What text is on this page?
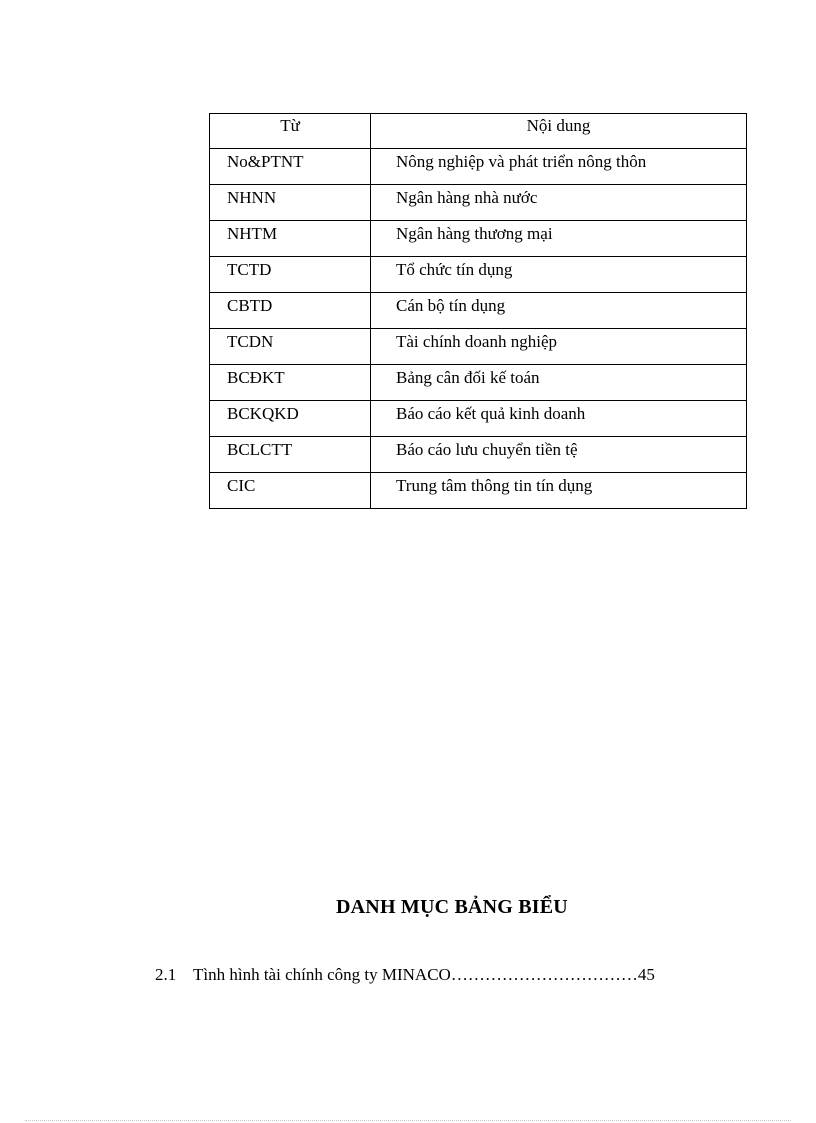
Từ	Nội dung
No&PTNT	Nông nghiệp và phát triển nông thôn
NHNN	Ngân hàng nhà nước
NHTM	Ngân hàng thương mại
TCTD	Tổ chức tín dụng
CBTD	Cán bộ tín dụng
TCDN	Tài chính doanh nghiệp
BCĐKT	Bảng cân đối kế toán
BCKQKD	Báo cáo kết quả kinh doanh
BCLCTT	Báo cáo lưu chuyển tiền tệ
CIC	Trung tâm thông tin tín dụng
DANH MỤC BẢNG BIỂU
2.1 Tình hình tài chính công ty MINACO……………………………45
